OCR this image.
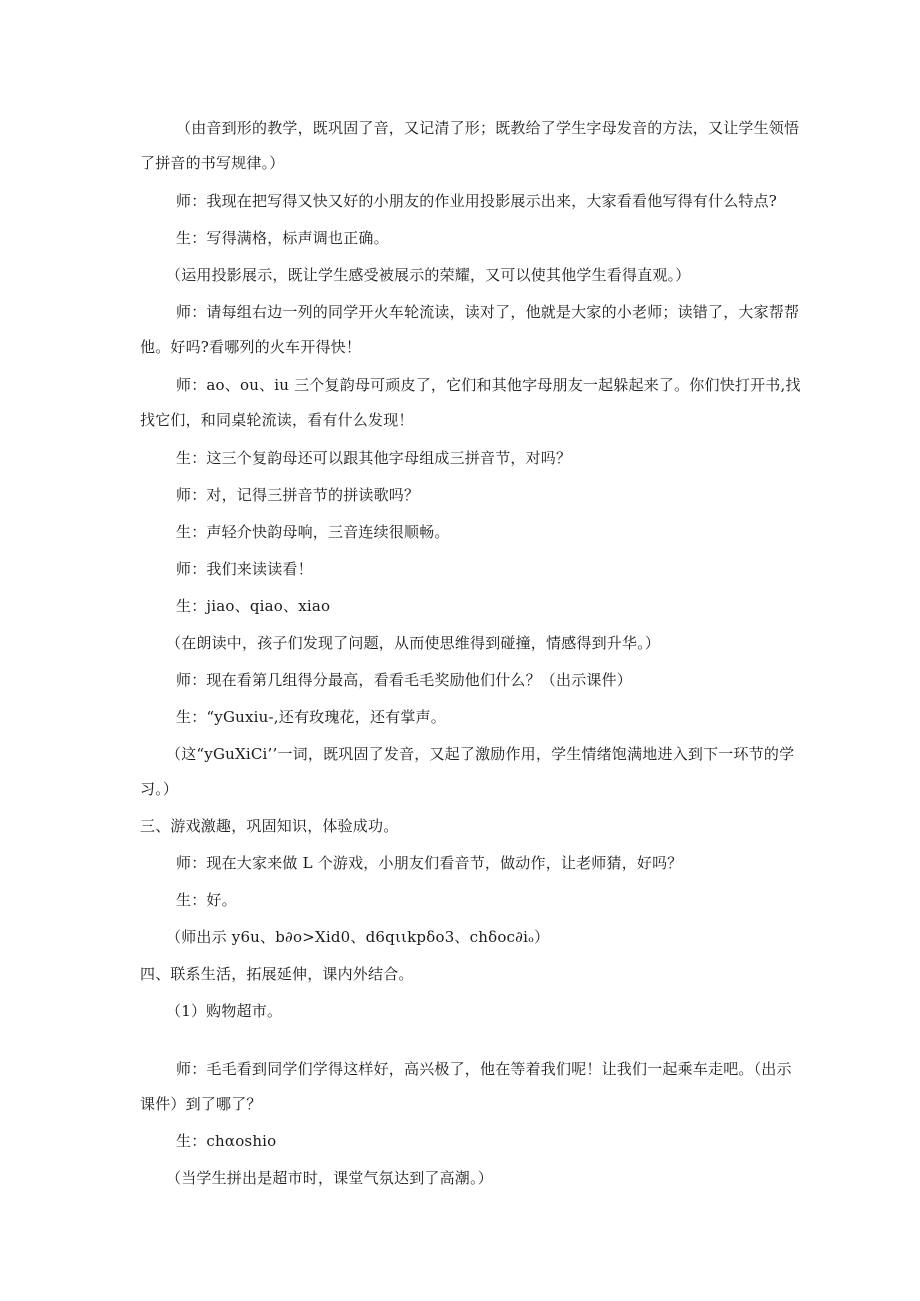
（由音到形的教学，既巩固了音，又记清了形；既教给了学生字母发音的方法，又让学生领悟
了拼音的书写规律。）
师：我现在把写得又快又好的小朋友的作业用投影展示出来，大家看看他写得有什么特点?
生：写得满格，标声调也正确。
（运用投影展示，既让学生感受被展示的荣耀，又可以使其他学生看得直观。）
师：请每组右边一列的同学开火车轮流读，读对了，他就是大家的小老师；读错了，大家帮帮
他。好吗?看哪列的火车开得快！
师：ao、ou、iu 三个复韵母可顽皮了，它们和其他字母朋友一起躲起来了。你们快打开书,找
找它们，和同桌轮流读，看有什么发现！
生：这三个复韵母还可以跟其他字母组成三拼音节，对吗？
师：对，记得三拼音节的拼读歌吗？
生：声轻介快韵母响，三音连续很顺畅。
师：我们来读读看！
生：jiao、qiao、xiao
（在朗读中，孩子们发现了问题，从而使思维得到碰撞，情感得到升华。）
师：现在看第几组得分最高，看看毛毛奖励他们什么？（出示课件）
生：“yGuxiu-,还有玫瑰花，还有掌声。
（这“yGuXiCi’’一词，既巩固了发音，又起了激励作用，学生情绪饱满地进入到下一环节的学
习。）
三、游戏激趣，巩固知识，体验成功。
师：现在大家来做 L 个游戏，小朋友们看音节，做动作，让老师猜，好吗？
生：好。
（师出示 y6u、b∂o>Xid0、d6qιιkpδo3、chδoc∂iₒ）
四、联系生活，拓展延伸，课内外结合。
（1）购物超市。
师：毛毛看到同学们学得这样好，高兴极了，他在等着我们呢！让我们一起乘车走吧。（出示
课件）到了哪了？
生：chαoshio
（当学生拼出是超市时，课堂气氛达到了高潮。）
